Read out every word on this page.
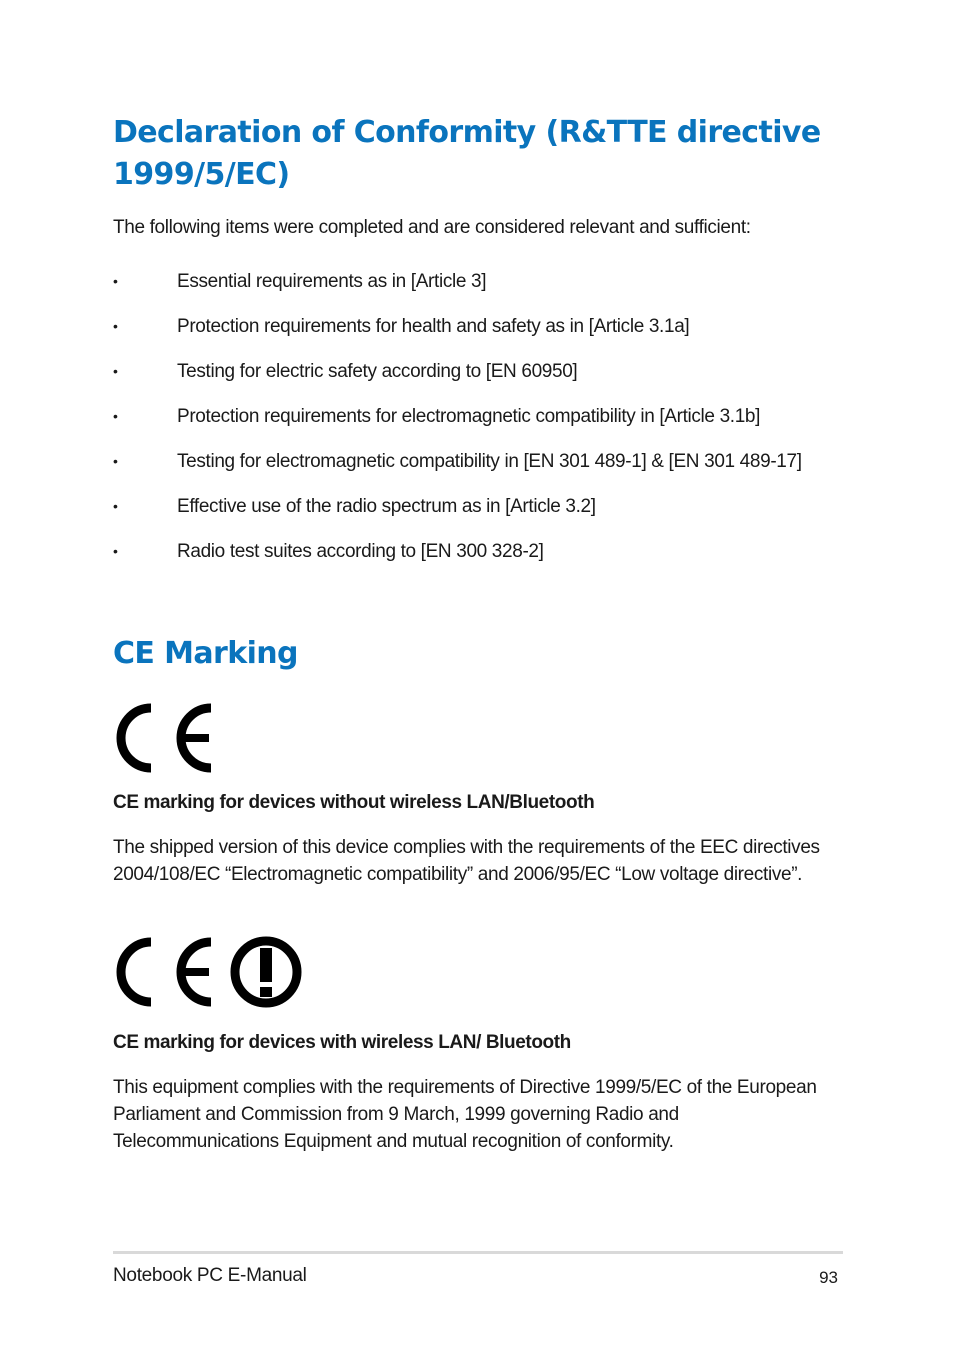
Declaration of Conformity (R&TTE directive 1999/5/EC)

The following items were completed and are considered relevant and sufficient:

•	Essential requirements as in [Article 3]
•	Protection requirements for health and safety as in [Article 3.1a]
•	Testing for electric safety according to [EN 60950]
•	Protection requirements for electromagnetic compatibility in [Article 3.1b]
•	Testing for electromagnetic compatibility in [EN 301 489-1] & [EN 301 489-17]
•	Effective use of the radio spectrum as in [Article 3.2]
•	Radio test suites according to [EN 300 328-2]
CE Marking

CE marking for devices without wireless LAN/Bluetooth

The shipped version of this device complies with the requirements of the EEC directives 2004/108/EC “Electromagnetic compatibility” and 2006/95/EC “Low voltage directive”.

CE marking for devices with wireless LAN/ Bluetooth

This equipment complies with the requirements of Directive 1999/5/EC of the European Parliament and Commission from 9 March, 1999 governing Radio and Telecommunications Equipment and mutual recognition of conformity.

Notebook PC E-Manual	93
